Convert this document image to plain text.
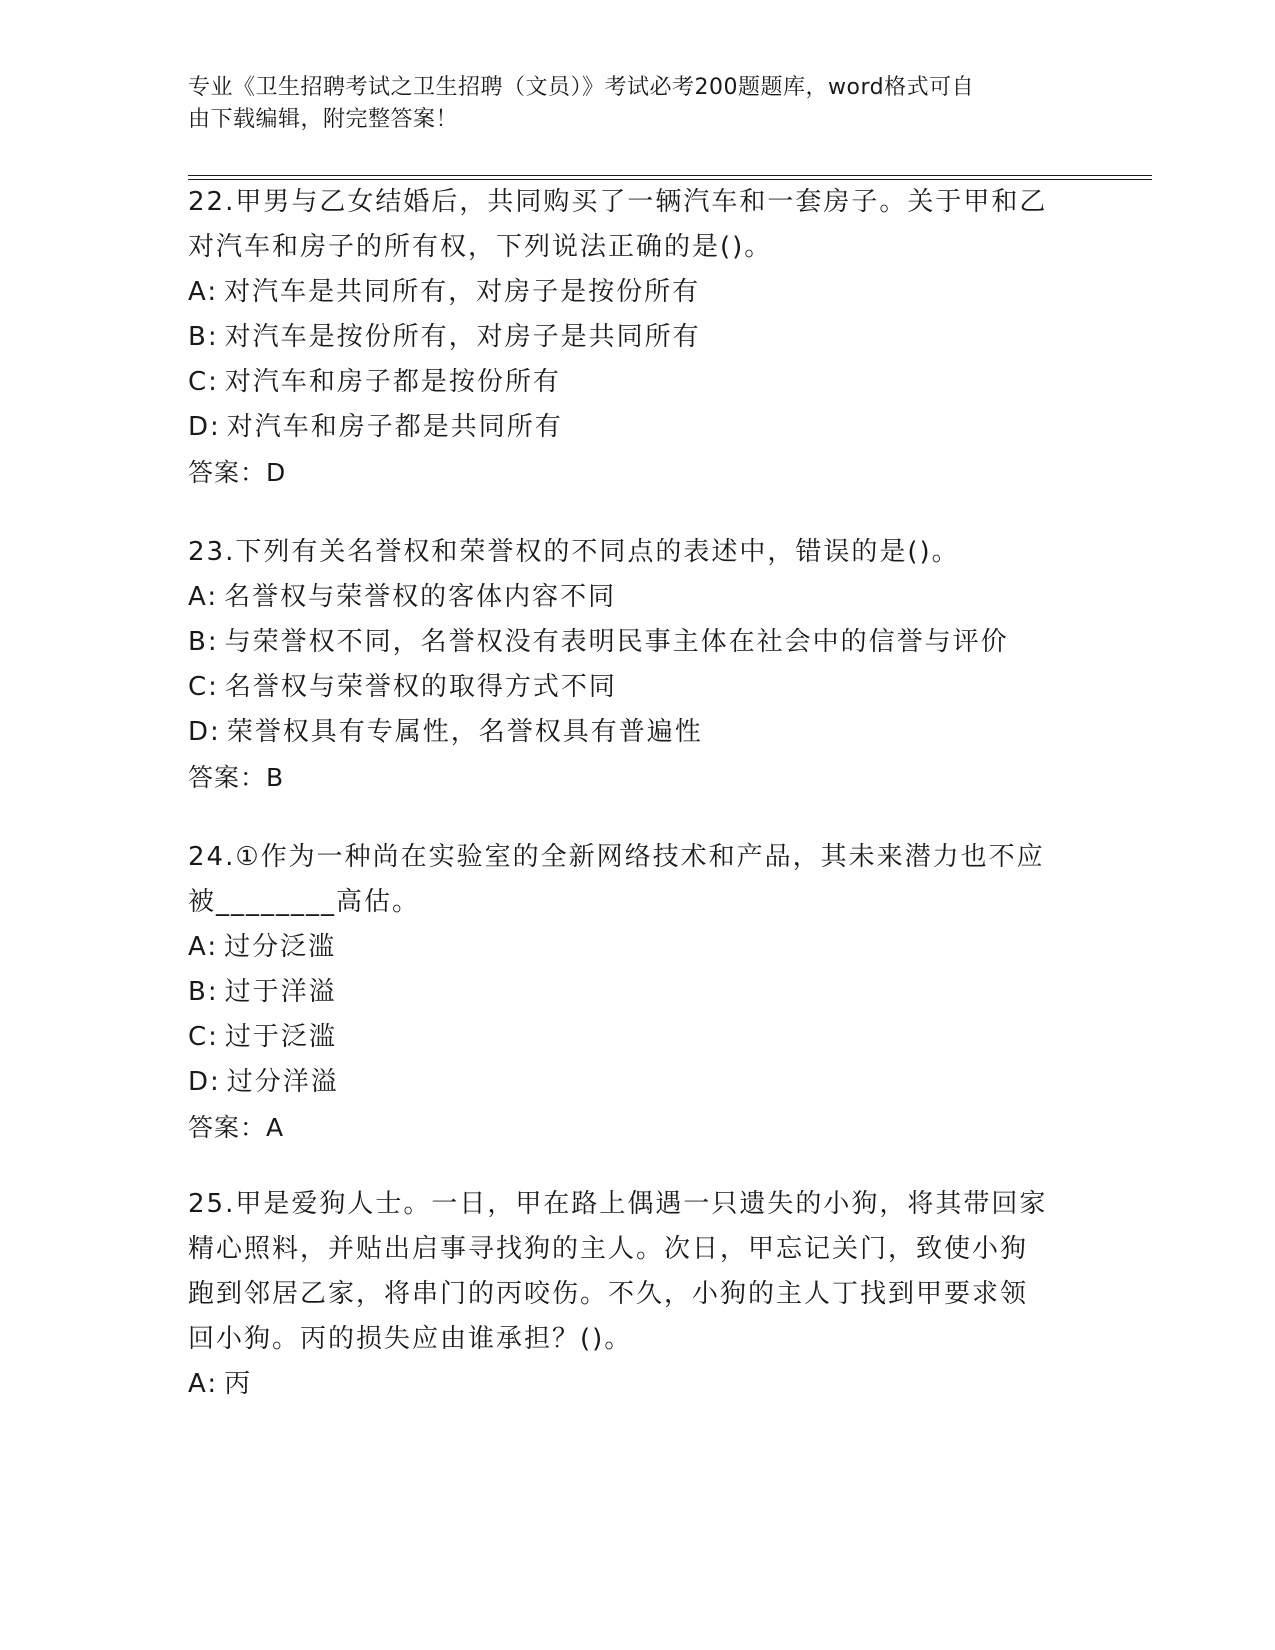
专业《卫生招聘考试之卫生招聘（文员）》考试必考200题题库，word格式可自
由下载编辑，附完整答案！
22.甲男与乙女结婚后，共同购买了一辆汽车和一套房子。关于甲和乙
对汽车和房子的所有权，下列说法正确的是()。
A: 对汽车是共同所有，对房子是按份所有
B: 对汽车是按份所有，对房子是共同所有
C: 对汽车和房子都是按份所有
D: 对汽车和房子都是共同所有
答案：D
23.下列有关名誉权和荣誉权的不同点的表述中，错误的是()。
A: 名誉权与荣誉权的客体内容不同
B: 与荣誉权不同，名誉权没有表明民事主体在社会中的信誉与评价
C: 名誉权与荣誉权的取得方式不同
D: 荣誉权具有专属性，名誉权具有普遍性
答案：B
24.①作为一种尚在实验室的全新网络技术和产品，其未来潜力也不应
被________高估。
A: 过分泛滥
B: 过于洋溢
C: 过于泛滥
D: 过分洋溢
答案：A
25.甲是爱狗人士。一日，甲在路上偶遇一只遗失的小狗，将其带回家
精心照料，并贴出启事寻找狗的主人。次日，甲忘记关门，致使小狗
跑到邻居乙家，将串门的丙咬伤。不久，小狗的主人丁找到甲要求领
回小狗。丙的损失应由谁承担？()。
A: 丙
